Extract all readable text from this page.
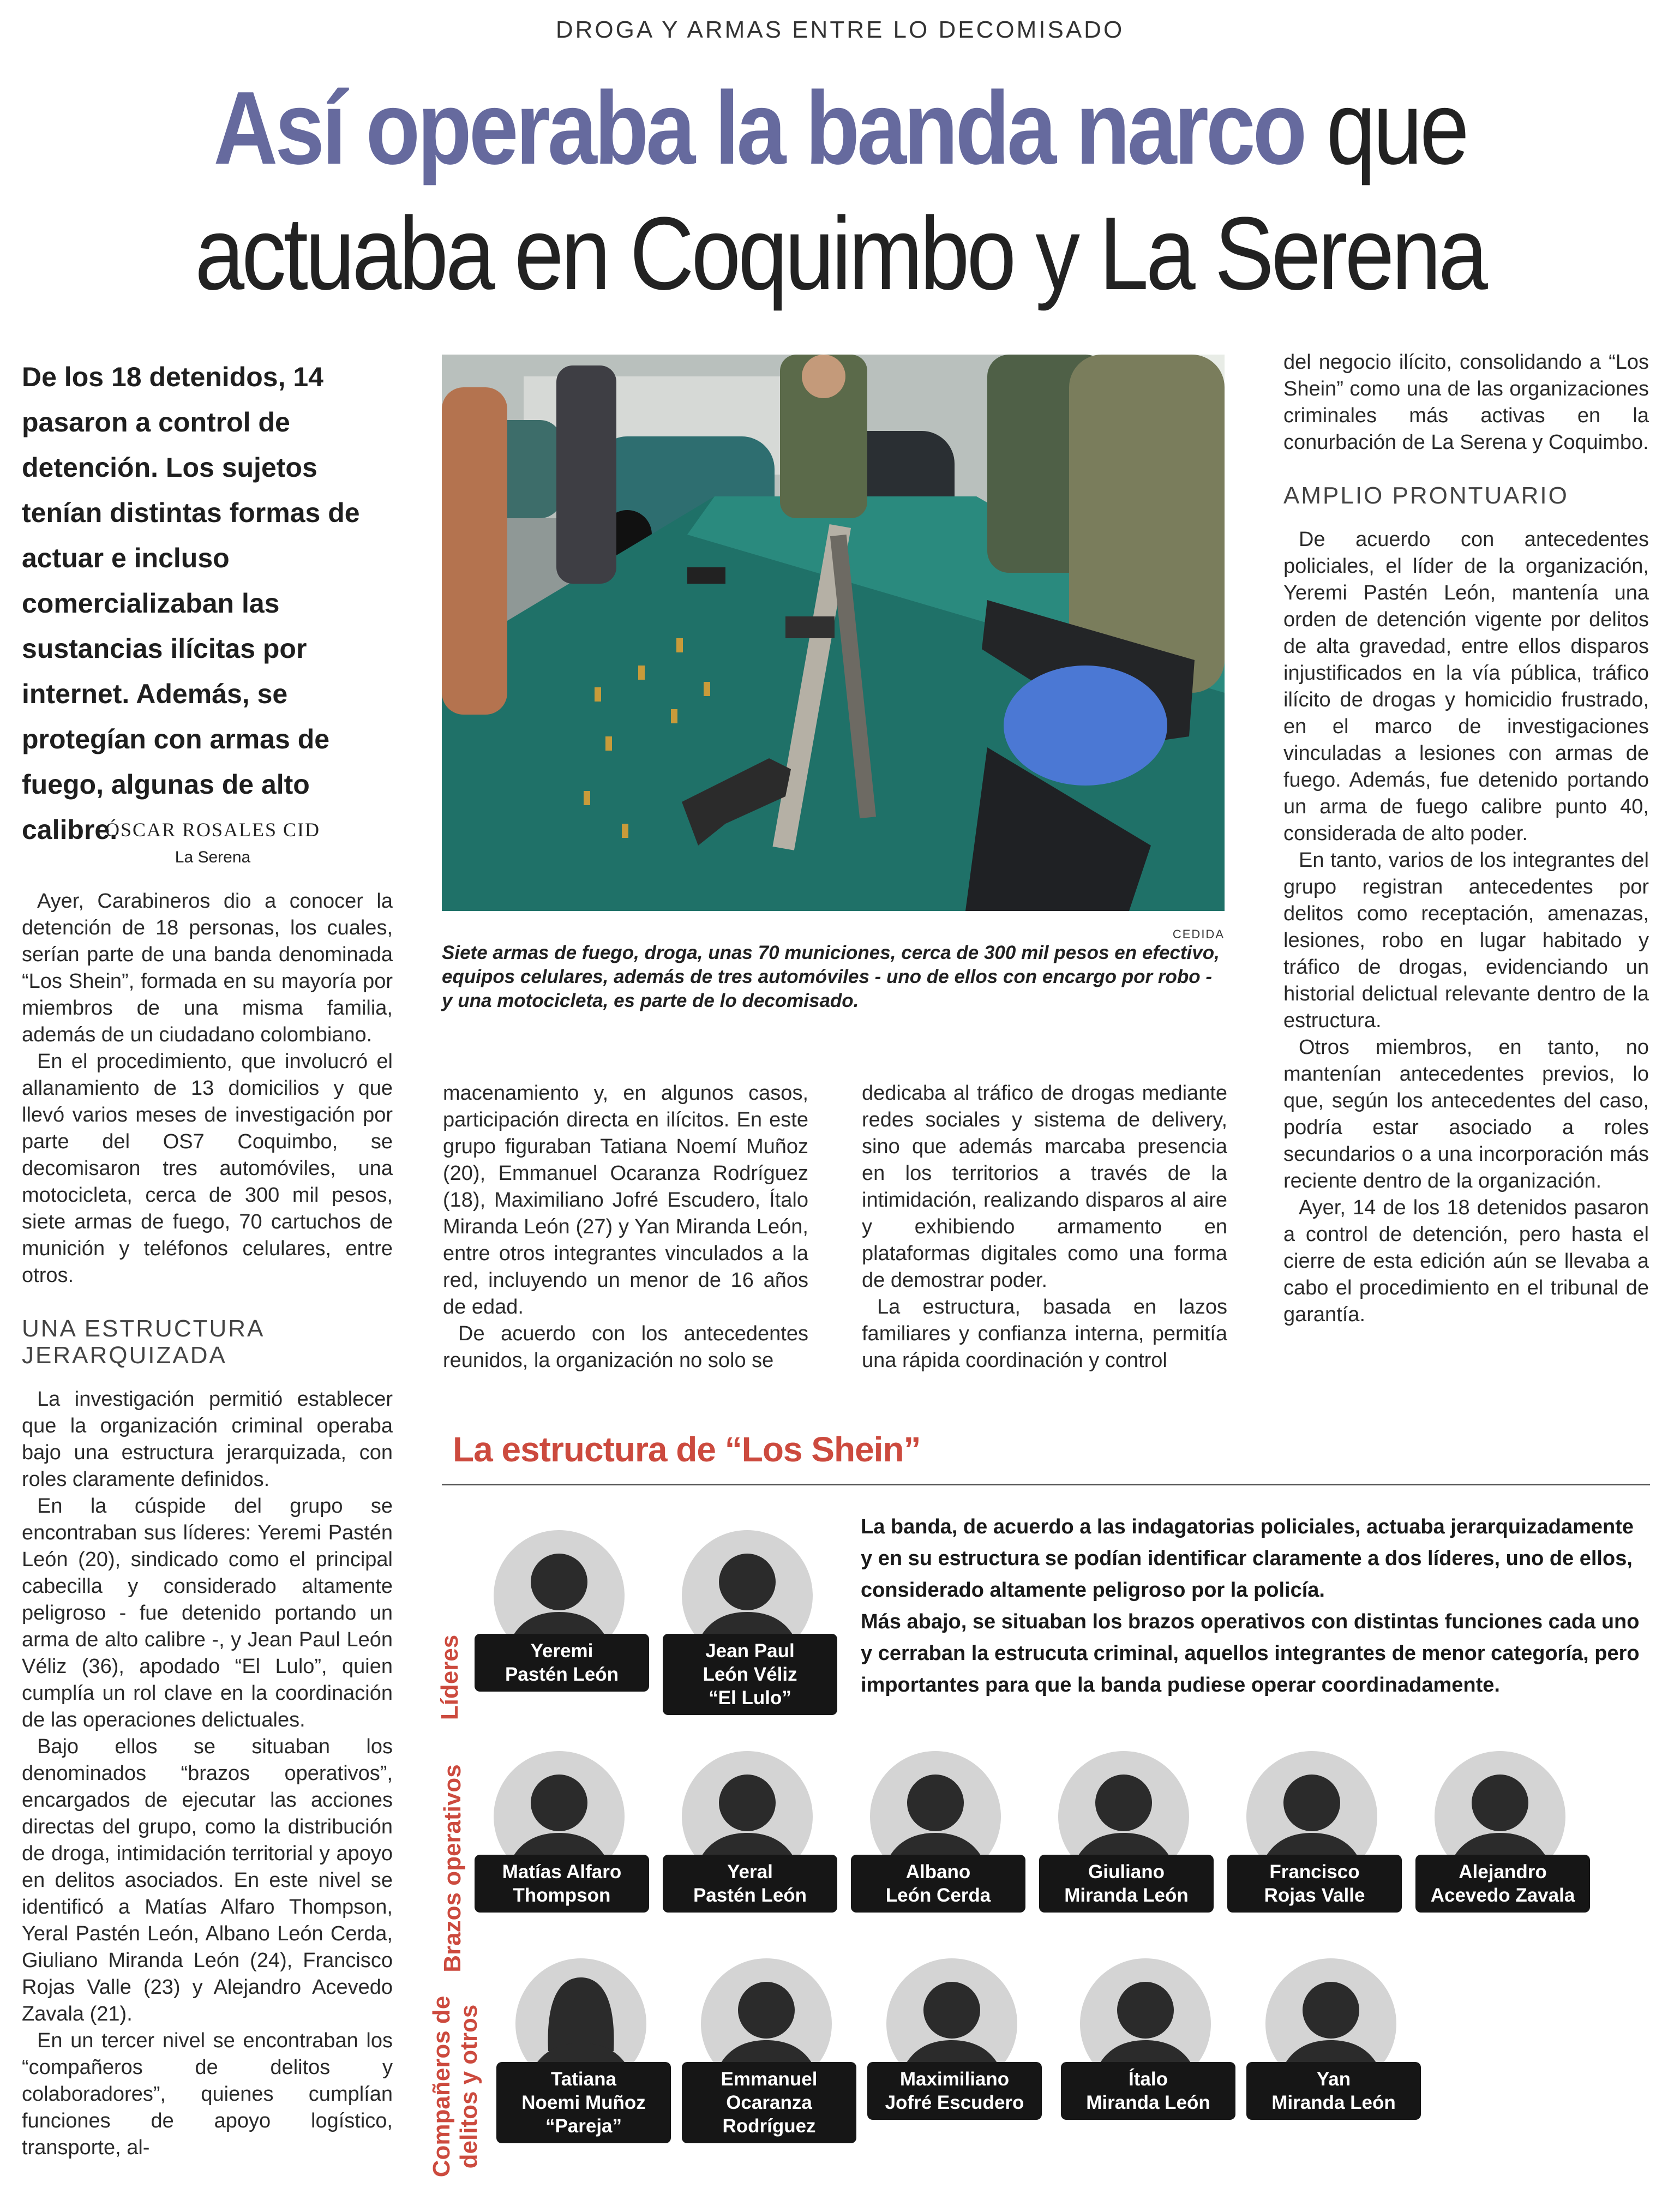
DROGA Y ARMAS ENTRE LO DECOMISADO
Así operaba la banda narco que
actuaba en Coquimbo y La Serena
De los 18 detenidos, 14 pasaron a control de detención. Los sujetos tenían distintas formas de actuar e incluso comercializaban las sustancias ilícitas por internet. Además, se protegían con armas de fuego, algunas de alto calibre.
ÓSCAR ROSALES CID
La Serena

Ayer, Carabineros dio a conocer la detención de 18 personas, los cuales, serían parte de una banda denominada “Los Shein”, formada en su mayoría por miembros de una misma familia, además de un ciudadano colombiano.

En el procedimiento, que involucró el allanamiento de 13 domicilios y que llevó varios meses de investigación por parte del OS7 Coquimbo, se decomisaron tres automóviles, una motocicleta, cerca de 300 mil pesos, siete armas de fuego, 70 cartuchos de munición y teléfonos celulares, entre otros.

UNA ESTRUCTURA JERARQUIZADA

La investigación permitió establecer que la organización criminal operaba bajo una estructura jerarquizada, con roles claramente definidos.

En la cúspide del grupo se encontraban sus líderes: Yeremi Pastén León (20), sindicado como el principal cabecilla y considerado altamente peligroso - fue detenido portando un arma de alto calibre -, y Jean Paul León Véliz (36), apodado “El Lulo”, quien cumplía un rol clave en la coordinación de las operaciones delictuales.

Bajo ellos se situaban los denominados “brazos operativos”, encargados de ejecutar las acciones directas del grupo, como la distribución de droga, intimidación territorial y apoyo en delitos asociados. En este nivel se identificó a Matías Alfaro Thompson, Yeral Pastén León, Albano León Cerda, Giuliano Miranda León (24), Francisco Rojas Valle (23) y Alejandro Acevedo Zavala (21).

En un tercer nivel se encontraban los “compañeros de delitos y colaboradores”, quienes cumplían funciones de apoyo logístico, transporte, al-

CEDIDA
Siete armas de fuego, droga, unas 70 municiones, cerca de 300 mil pesos en efectivo, equipos celulares, además de tres automóviles - uno de ellos con encargo por robo - y una motocicleta, es parte de lo decomisado.

macenamiento y, en algunos casos, participación directa en ilícitos. En este grupo figuraban Tatiana Noemí Muñoz (20), Emmanuel Ocaranza Rodríguez (18), Maximiliano Jofré Escudero, Ítalo Miranda León (27) y Yan Miranda León, entre otros integrantes vinculados a la red, incluyendo un menor de 16 años de edad.

De acuerdo con los antecedentes reunidos, la organización no solo se

dedicaba al tráfico de drogas mediante redes sociales y sistema de delivery, sino que además marcaba presencia en los territorios a través de la intimidación, realizando disparos al aire y exhibiendo armamento en plataformas digitales como una forma de demostrar poder.

La estructura, basada en lazos familiares y confianza interna, permitía una rápida coordinación y control

del negocio ilícito, consolidando a “Los Shein” como una de las organizaciones criminales más activas en la conurbación de La Serena y Coquimbo.

AMPLIO PRONTUARIO

De acuerdo con antecedentes policiales, el líder de la organización, Yeremi Pastén León, mantenía una orden de detención vigente por delitos de alta gravedad, entre ellos disparos injustificados en la vía pública, tráfico ilícito de drogas y homicidio frustrado, en el marco de investigaciones vinculadas a lesiones con armas de fuego. Además, fue detenido portando un arma de fuego calibre punto 40, considerada de alto poder.

En tanto, varios de los integrantes del grupo registran antecedentes por delitos como receptación, amenazas, lesiones, robo en lugar habitado y tráfico de drogas, evidenciando un historial delictual relevante dentro de la estructura.

Otros miembros, en tanto, no mantenían antecedentes previos, lo que, según los antecedentes del caso, podría estar asociado a roles secundarios o a una incorporación más reciente dentro de la organización.

Ayer, 14 de los 18 detenidos pasaron a control de detención, pero hasta el cierre de esta edición aún se llevaba a cabo el procedimiento en el tribunal de garantía.

La estructura de “Los Shein”
La banda, de acuerdo a las indagatorias policiales, actuaba jerarquizadamente y en su estructura se podían identificar claramente a dos líderes, uno de ellos, considerado altamente peligroso por la policía.
Más abajo, se situaban los brazos operativos con distintas funciones cada uno y cerraban la estrucuta criminal, aquellos integrantes de menor categoría, pero importantes para que la banda pudiese operar coordinadamente.
Líderes
Brazos operativos
Compañeros de delitos y otros
Yeremi
Pastén León
Jean Paul
León Véliz
“El Lulo”
Matías Alfaro
Thompson
Yeral
Pastén León
Albano
León Cerda
Giuliano
Miranda León
Francisco
Rojas Valle
Alejandro
Acevedo Zavala
Tatiana
Noemi Muñoz
“Pareja”
Emmanuel
Ocaranza
Rodríguez
Maximiliano
Jofré Escudero
Ítalo
Miranda León
Yan
Miranda León
